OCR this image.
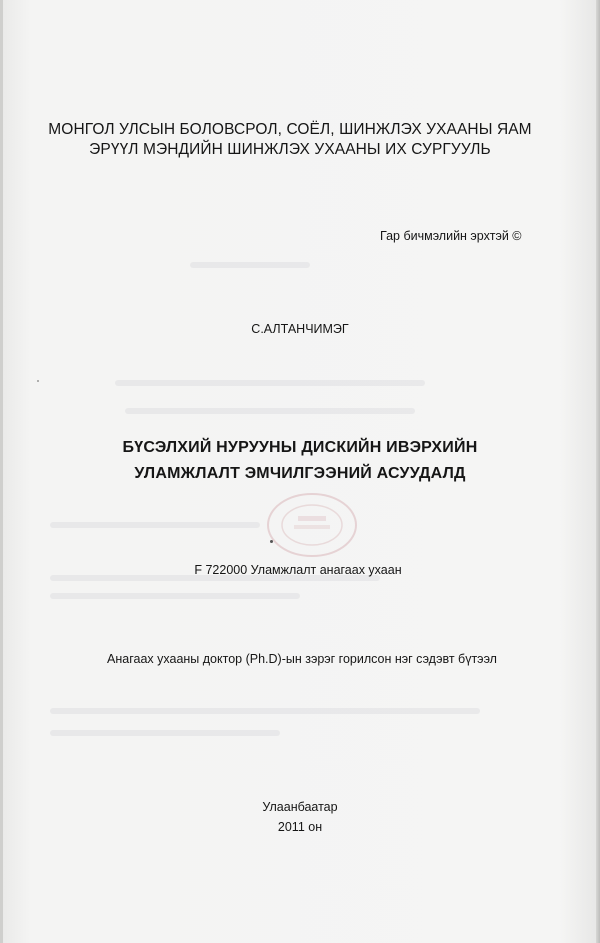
МОНГОЛ УЛСЫН БОЛОВСРОЛ, СОЁЛ, ШИНЖЛЭХ УХААНЫ ЯАМ
ЭРҮҮЛ МЭНДИЙН ШИНЖЛЭХ УХААНЫ ИХ СУРГУУЛЬ
Гар бичмэлийн эрхтэй ©
С.АЛТАНЧИМЭГ
БҮСЭЛХИЙ НУРУУНЫ ДИСКИЙН ИВЭРХИЙН
УЛАМЖЛАЛТ ЭМЧИЛГЭЭНИЙ АСУУДАЛД
F 722000 Уламжлалт анагаах ухаан
Анагаах ухааны доктор (Ph.D)-ын зэрэг горилсон нэг сэдэвт бүтээл
Улаанбаатар
2011 он
